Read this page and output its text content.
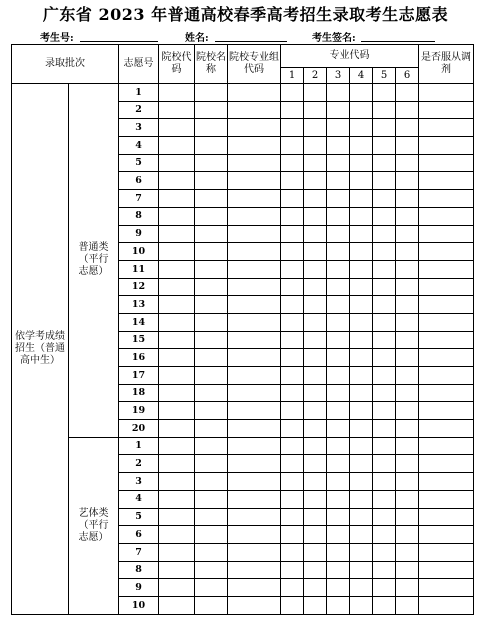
广东省 2023 年普通高校春季高考招生录取考生志愿表
考生号:	姓名:	考生签名:
录取批次		志愿号	院校代码	院校名称	院校专业组代码	专业代码						是否服从调剂
						1	2	3	4	5	6	
依学考成绩招生（普通高中生）	普通类（平行志愿）	1										
		2										
		3										
		4										
		5										
		6										
		7										
		8										
		9										
		10										
		11										
		12										
		13										
		14										
		15										
		16										
		17										
		18										
		19										
		20										
	艺体类（平行志愿）	1										
		2										
		3										
		4										
		5										
		6										
		7										
		8										
		9										
		10										
